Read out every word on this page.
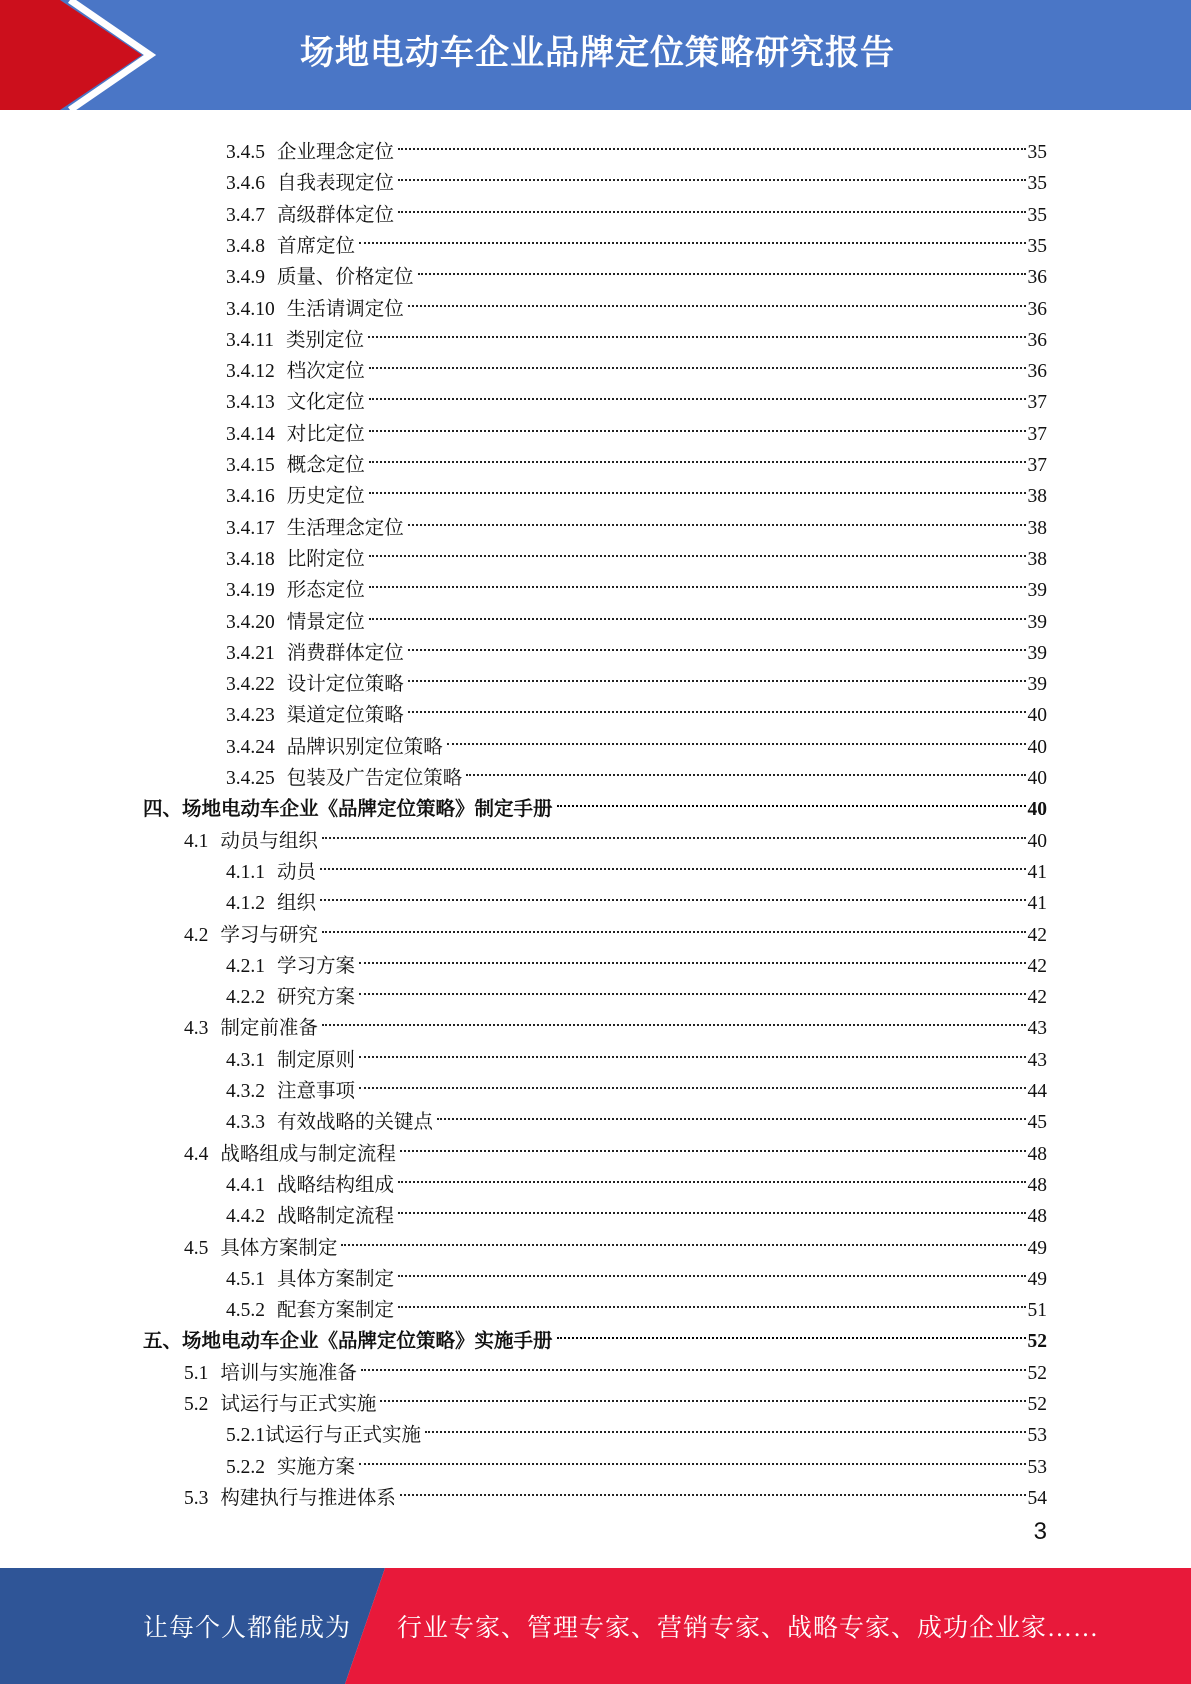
场地电动车企业品牌定位策略研究报告
3.4.5 企业理念定位	35
3.4.6 自我表现定位	35
3.4.7 高级群体定位	35
3.4.8 首席定位	35
3.4.9 质量、价格定位	36
3.4.10 生活请调定位	36
3.4.11 类别定位	36
3.4.12 档次定位	36
3.4.13 文化定位	37
3.4.14 对比定位	37
3.4.15 概念定位	37
3.4.16 历史定位	38
3.4.17 生活理念定位	38
3.4.18 比附定位	38
3.4.19 形态定位	39
3.4.20 情景定位	39
3.4.21 消费群体定位	39
3.4.22 设计定位策略	39
3.4.23 渠道定位策略	40
3.4.24 品牌识别定位策略	40
3.4.25 包装及广告定位策略	40
四、 场地电动车企业《品牌定位策略》制定手册	40
4.1 动员与组织	40
4.1.1 动员	41
4.1.2 组织	41
4.2 学习与研究	42
4.2.1 学习方案	42
4.2.2 研究方案	42
4.3 制定前准备	43
4.3.1 制定原则	43
4.3.2 注意事项	44
4.3.3 有效战略的关键点	45
4.4 战略组成与制定流程	48
4.4.1 战略结构组成	48
4.4.2 战略制定流程	48
4.5 具体方案制定	49
4.5.1 具体方案制定	49
4.5.2 配套方案制定	51
五、 场地电动车企业《品牌定位策略》实施手册	52
5.1 培训与实施准备	52
5.2 试运行与正式实施	52
5.2.1 试运行与正式实施	53
5.2.2 实施方案	53
5.3 构建执行与推进体系	54
3
让每个人都能成为 行业专家、管理专家、营销专家、战略专家、成功企业家……
